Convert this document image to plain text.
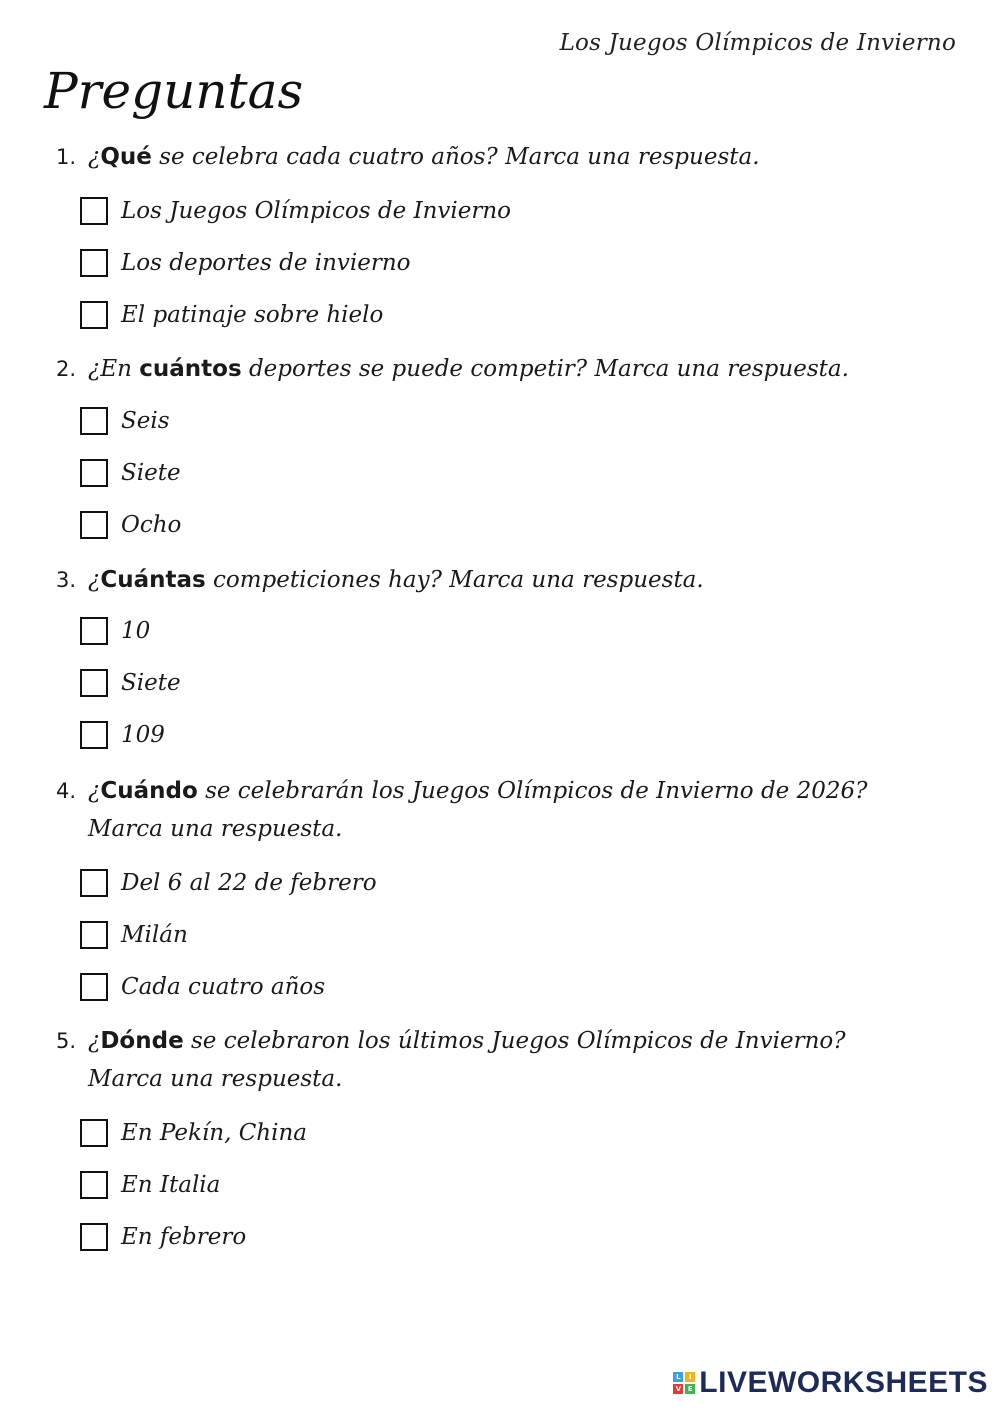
Los Juegos Olímpicos de Invierno
Preguntas
1. ¿Qué se celebra cada cuatro años? Marca una respuesta.
Los Juegos Olímpicos de Invierno
Los deportes de invierno
El patinaje sobre hielo
2. ¿En cuántos deportes se puede competir? Marca una respuesta.
Seis
Siete
Ocho
3. ¿Cuántas competiciones hay? Marca una respuesta.
10
Siete
109
4. ¿Cuándo se celebrarán los Juegos Olímpicos de Invierno de 2026?
Marca una respuesta.
Del 6 al 22 de febrero
Milán
Cada cuatro años
5. ¿Dónde se celebraron los últimos Juegos Olímpicos de Invierno?
Marca una respuesta.
En Pekín, China
En Italia
En febrero
L	I
V E LIVEWORKSHEETS
